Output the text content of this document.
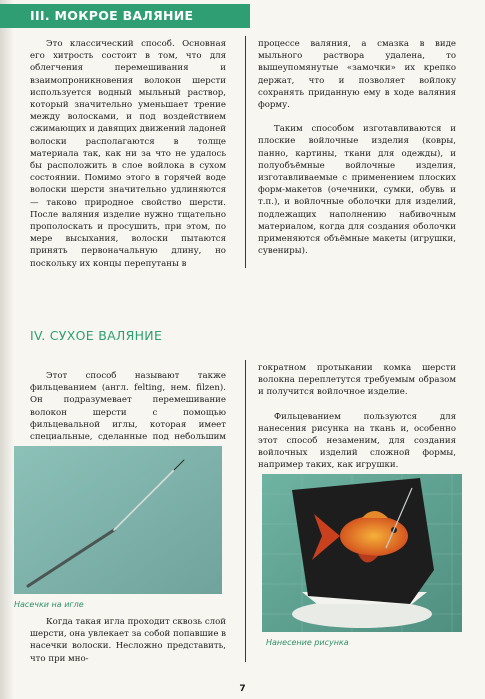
III. МОКРОЕ ВАЛЯНИЕ

Это классический способ. Основная его хитрость состоит в том, что для облегчения перемешивания и взаимопроникновения волокон шерсти используется водный мыльный раствор, который значительно уменьшает трение между волосками, и под воздействием сжимающих и давящих движений ладоней волоски располагаются в толще материала так, как ни за что не удалось бы расположить в слое войлока в сухом состоянии. Помимо этого в горячей воде волоски шерсти значительно удлиняются — таково природное свойство шерсти. После валяния изделие нужно тщательно прополоскать и просушить, при этом, по мере высыхания, волоски пытаются принять первоначальную длину, но поскольку их концы перепутаны в

процессе валяния, а смазка в виде мыльного раствора удалена, то вышеупомянутые «замочки» их крепко держат, что и позволяет войлоку сохранять приданную ему в ходе валяния форму.

Таким способом изготавливаются и плоские войлочные изделия (ковры, панно, картины, ткани для одежды), и полуобъёмные войлочные изделия, изготавливаемые с применением плоских форм-макетов (очечники, сумки, обувь и т.п.), и войлочные оболочки для изделий, подлежащих наполнению набивочным материалом, когда для создания оболочки применяются объёмные макеты (игрушки, сувениры).

IV. СУХОЕ ВАЛЯНИЕ

Этот способ называют также фильцеванием (англ. felting, нем. filzen). Он подразумевает перемешивание волокон шерсти с помощью фильцевальной иглы, которая имеет специальные, сделанные под небольшим

Насечки на игле

Когда такая игла проходит сквозь слой шерсти, она увлекает за собой попавшие в насечки волоски. Несложно представить, что при мно-

гократном протыкании комка шерсти волокна переплетутся требуемым образом и получится войлочное изделие.

Фильцеванием пользуются для нанесения рисунка на ткань и, особенно этот способ незаменим, для создания войлочных изделий сложной формы, например таких, как игрушки.

Нанесение рисунка
7
